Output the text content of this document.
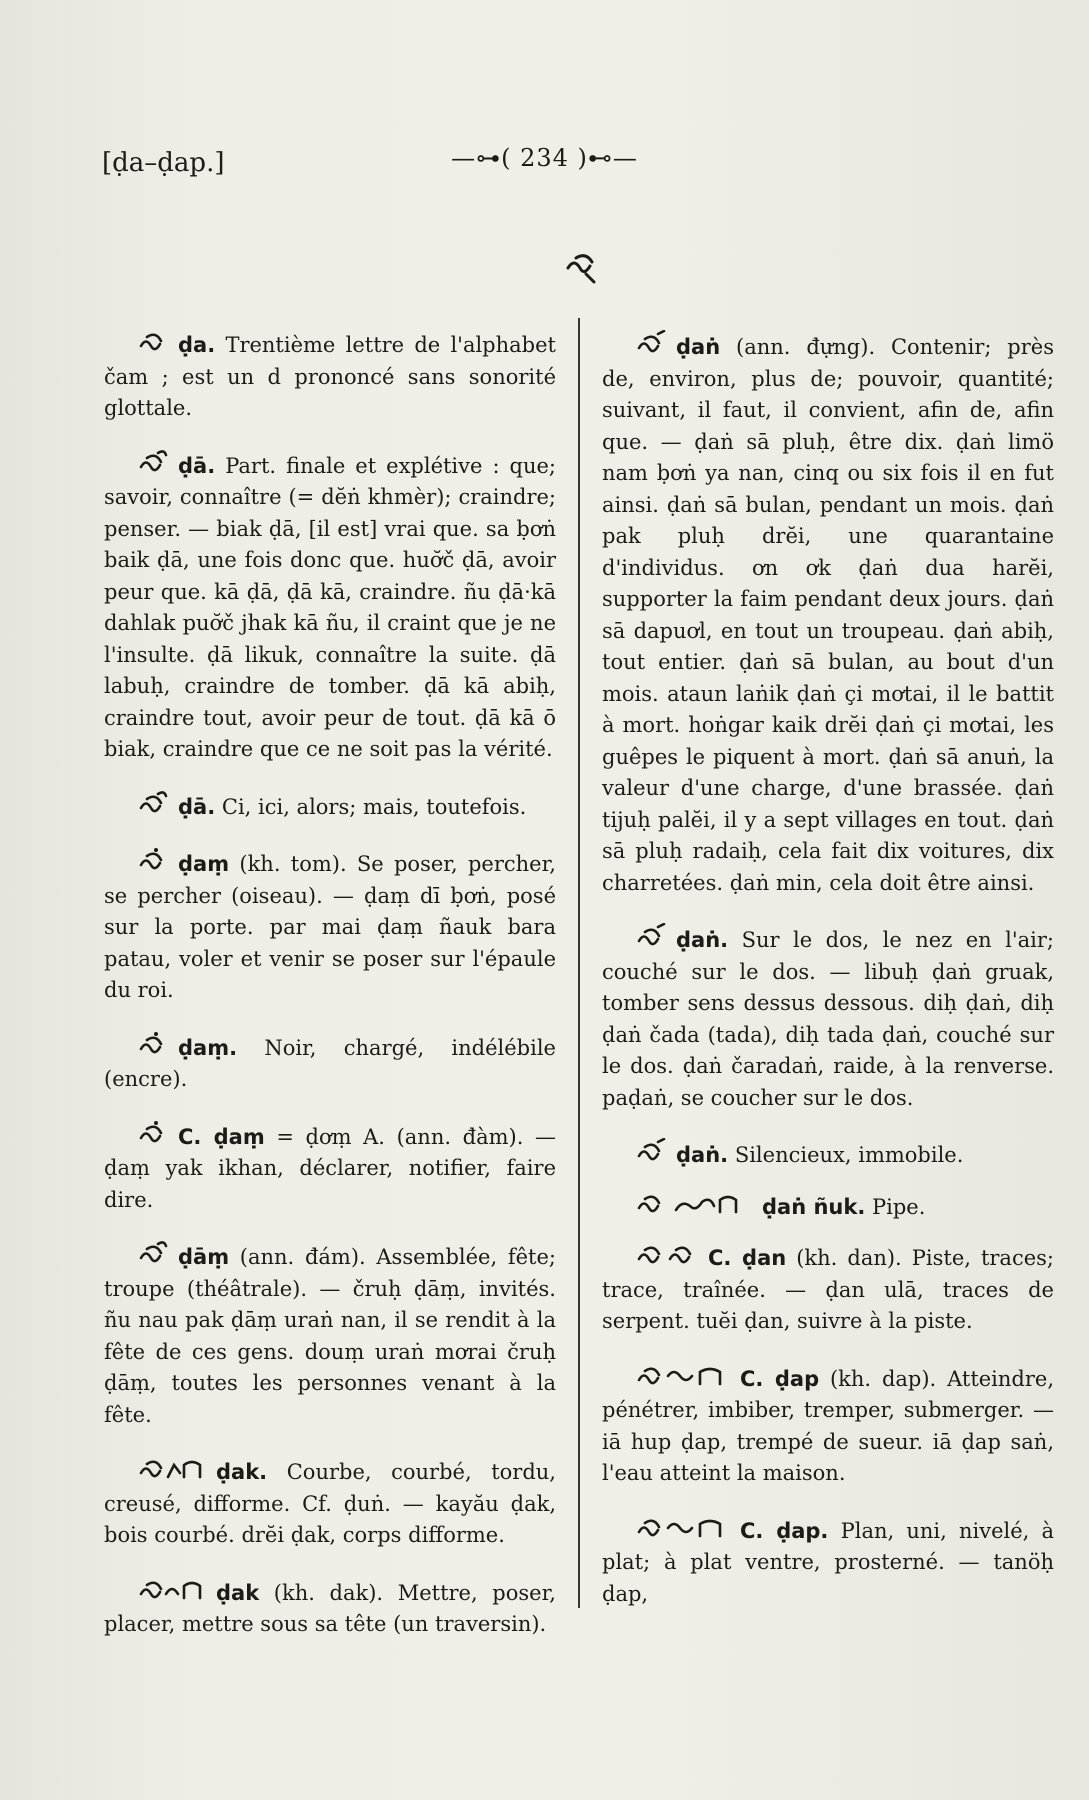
[ḍa–ḍap.]	—⊶( 234 )⊷—

ḍa. Trentième lettre de l'alphabet čam ; est un d prononcé sans sonorité glottale.

ḍā. Part. finale et explétive : que; savoir, connaître (= dĕṅ khmèr); craindre; penser. — biak ḍā, [il est] vrai que. sa ḅơṅ baik ḍā, une fois donc que. huơ̆č ḍā, avoir peur que. kā ḍā, ḍā kā, craindre. ñu ḍā·kā dahlak puơ̆č jhak kā ñu, il craint que je ne l'insulte. ḍā likuk, connaître la suite. ḍā labuḥ, craindre de tomber. ḍā kā abiḥ, craindre tout, avoir peur de tout. ḍā kā ō biak, craindre que ce ne soit pas la vérité.

ḍā. Ci, ici, alors; mais, toutefois.

ḍaṃ (kh. tom). Se poser, percher, se percher (oiseau). — ḍaṃ dī ḅơṅ, posé sur la porte. par mai ḍaṃ ñauk bara patau, voler et venir se poser sur l'épaule du roi.

ḍaṃ. Noir, chargé, indélébile (encre).

C. ḍaṃ = ḍơṃ A. (ann. đàm). — ḍaṃ yak ikhan, déclarer, notifier, faire dire.

ḍāṃ (ann. đám). Assemblée, fête; troupe (théâtrale). — čruḥ ḍāṃ, invités. ñu nau pak ḍāṃ uraṅ nan, il se rendit à la fête de ces gens. douṃ uraṅ mơrai čruḥ ḍāṃ, toutes les personnes venant à la fête.

ḍak. Courbe, courbé, tordu, creusé, difforme. Cf. ḍuṅ. — kayău ḍak, bois courbé. drĕi ḍak, corps difforme.

ḍak (kh. dak). Mettre, poser, placer, mettre sous sa tête (un traversin).

ḍaṅ (ann. đựng). Contenir; près de, environ, plus de; pouvoir, quantité; suivant, il faut, il convient, afin de, afin que. — ḍaṅ sā pluḥ, être dix. ḍaṅ limö nam ḅơṅ ya nan, cinq ou six fois il en fut ainsi. ḍaṅ sā bulan, pendant un mois. ḍaṅ pak pluḥ drĕi, une quarantaine d'individus. ơn ơk ḍaṅ dua harĕi, supporter la faim pendant deux jours. ḍaṅ sā dapuơl, en tout un troupeau. ḍaṅ abiḥ, tout entier. ḍaṅ sā bulan, au bout d'un mois. ataun laṅik ḍaṅ çi mơtai, il le battit à mort. hoṅgar kaik drĕi ḍaṅ çi mơtai, les guêpes le piquent à mort. ḍaṅ sā anuṅ, la valeur d'une charge, d'une brassée. ḍaṅ tijuḥ palĕi, il y a sept villages en tout. ḍaṅ sā pluḥ radaiḥ, cela fait dix voitures, dix charretées. ḍaṅ min, cela doit être ainsi.

ḍaṅ. Sur le dos, le nez en l'air; couché sur le dos. — libuḥ ḍaṅ gruak, tomber sens dessus dessous. diḥ ḍaṅ, diḥ ḍaṅ čada (tada), diḥ tada ḍaṅ, couché sur le dos. ḍaṅ čaradaṅ, raide, à la renverse. paḍaṅ, se coucher sur le dos.

ḍaṅ. Silencieux, immobile.

ḍaṅ ñuk. Pipe.

C. ḍan (kh. dan). Piste, traces; trace, traînée. — ḍan ulā, traces de serpent. tuĕi ḍan, suivre à la piste.

C. ḍap (kh. dap). Atteindre, pénétrer, imbiber, tremper, submerger. — iā hup ḍap, trempé de sueur. iā ḍap saṅ, l'eau atteint la maison.

C. ḍap. Plan, uni, nivelé, à plat; à plat ventre, prosterné. — tanöḥ ḍap,
